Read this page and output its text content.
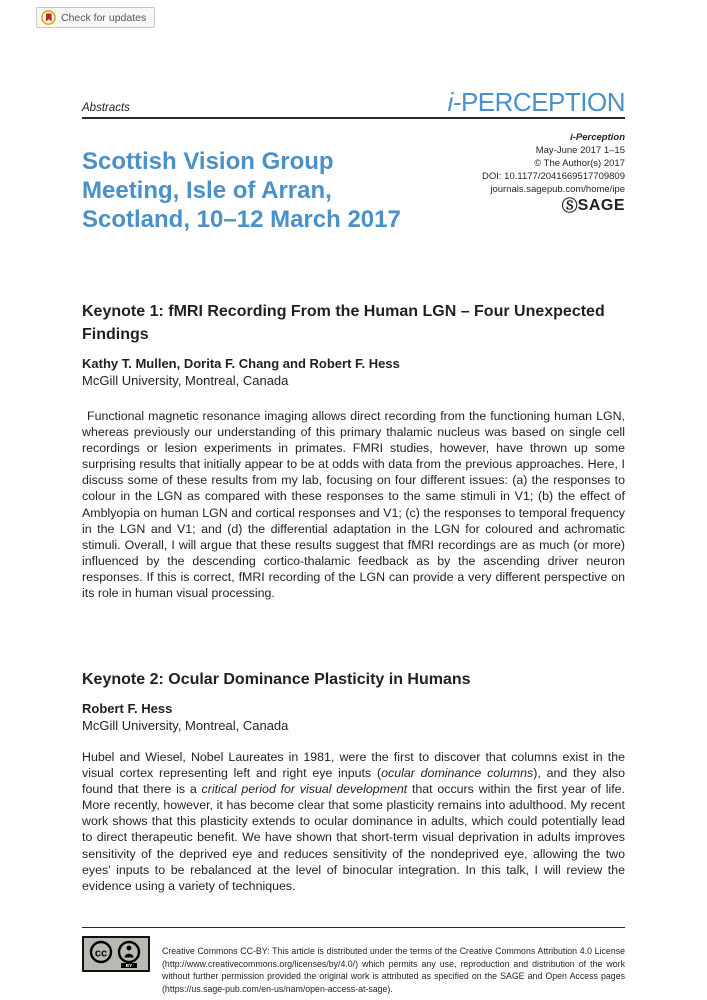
Check for updates
Abstracts	i-PERCEPTION
Scottish Vision Group
Meeting, Isle of Arran,
Scotland, 10–12 March 2017
i-Perception
May-June 2017 1–15
© The Author(s) 2017
DOI: 10.1177/2041669517709809
journals.sagepub.com/home/ipe
ⓈSAGE
Keynote 1: fMRI Recording From the Human LGN – Four Unexpected Findings

Kathy T. Mullen, Dorita F. Chang and Robert F. Hess

McGill University, Montreal, Canada

Functional magnetic resonance imaging allows direct recording from the functioning human LGN, whereas previously our understanding of this primary thalamic nucleus was based on single cell recordings or lesion experiments in primates. FMRI studies, however, have thrown up some surprising results that initially appear to be at odds with data from the previous approaches. Here, I discuss some of these results from my lab, focusing on four different issues: (a) the responses to colour in the LGN as compared with these responses to the same stimuli in V1; (b) the effect of Amblyopia on human LGN and cortical responses and V1; (c) the responses to temporal frequency in the LGN and V1; and (d) the differential adaptation in the LGN for coloured and achromatic stimuli. Overall, I will argue that these results suggest that fMRI recordings are as much (or more) influenced by the descending cortico-thalamic feedback as by the ascending driver neuron responses. If this is correct, fMRI recording of the LGN can provide a very different perspective on its role in human visual processing.

Keynote 2: Ocular Dominance Plasticity in Humans

Robert F. Hess

McGill University, Montreal, Canada

Hubel and Wiesel, Nobel Laureates in 1981, were the first to discover that columns exist in the visual cortex representing left and right eye inputs (ocular dominance columns), and they also found that there is a critical period for visual development that occurs within the first year of life. More recently, however, it has become clear that some plasticity remains into adulthood. My recent work shows that this plasticity extends to ocular dominance in adults, which could potentially lead to direct therapeutic benefit. We have shown that short-term visual deprivation in adults improves sensitivity of the deprived eye and reduces sensitivity of the nondeprived eye, allowing the two eyes' inputs to be rebalanced at the level of binocular integration. In this talk, I will review the evidence using a variety of techniques.

cc
BY

Creative Commons CC-BY: This article is distributed under the terms of the Creative Commons Attribution 4.0 License (http://www.creativecommons.org/licenses/by/4.0/) which permits any use, reproduction and distribution of the work without further permission provided the original work is attributed as specified on the SAGE and Open Access pages (https://us.sage-pub.com/en-us/nam/open-access-at-sage).
